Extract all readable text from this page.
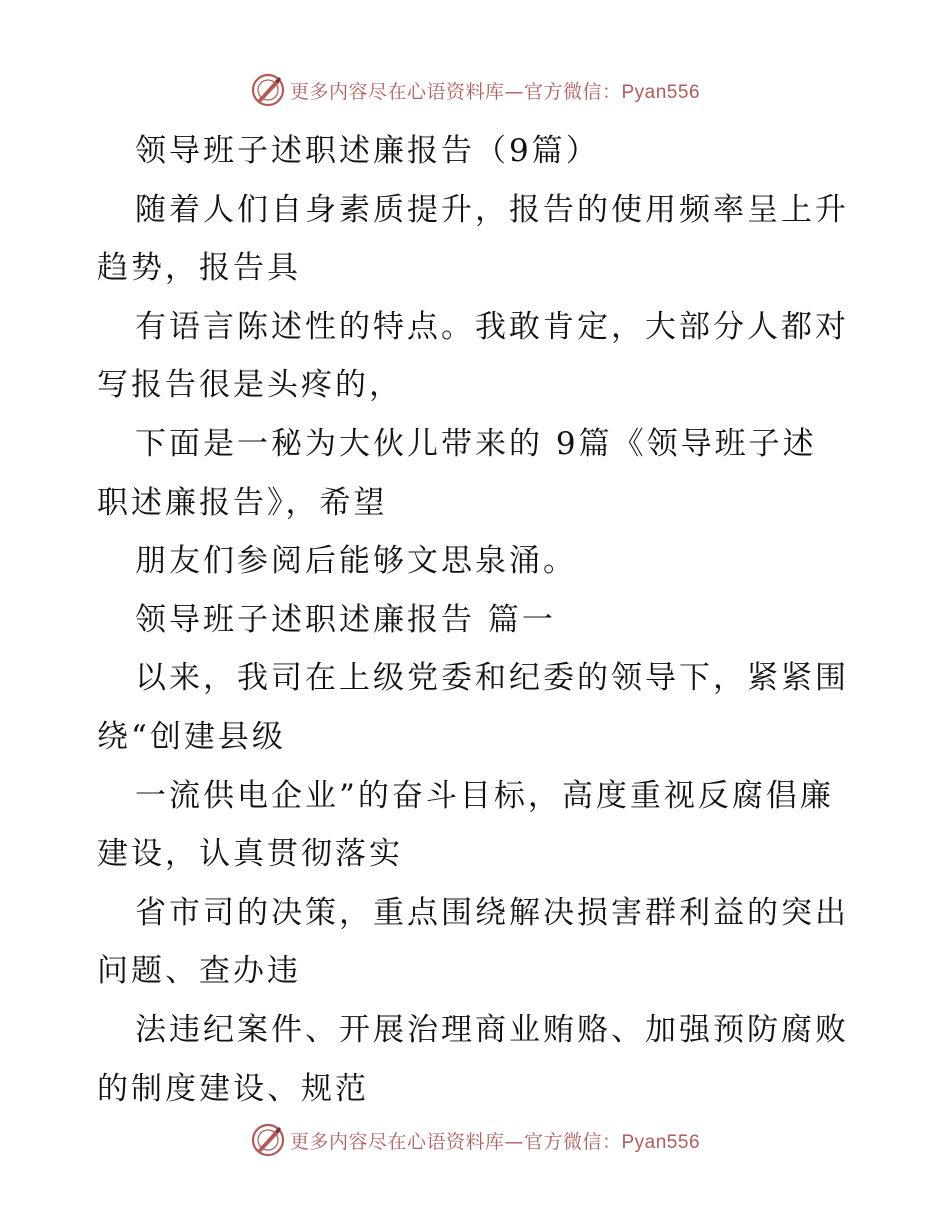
更多内容尽在心语资料库—官方微信：Pyan556
领导班子述职述廉报告（9篇）
随着人们自身素质提升，报告的使用频率呈上升
趋势，报告具
有语言陈述性的特点。我敢肯定，大部分人都对
写报告很是头疼的，
下面是一秘为大伙儿带来的 9篇《领导班子述
职述廉报告》，希望
朋友们参阅后能够文思泉涌。
领导班子述职述廉报告 篇一
以来，我司在上级党委和纪委的领导下，紧紧围
绕“创建县级
一流供电企业”的奋斗目标，高度重视反腐倡廉
建设，认真贯彻落实
省市司的决策，重点围绕解决损害群利益的突出
问题、查办违
法违纪案件、开展治理商业贿赂、加强预防腐败
的制度建设、规范
更多内容尽在心语资料库—官方微信：Pyan556
